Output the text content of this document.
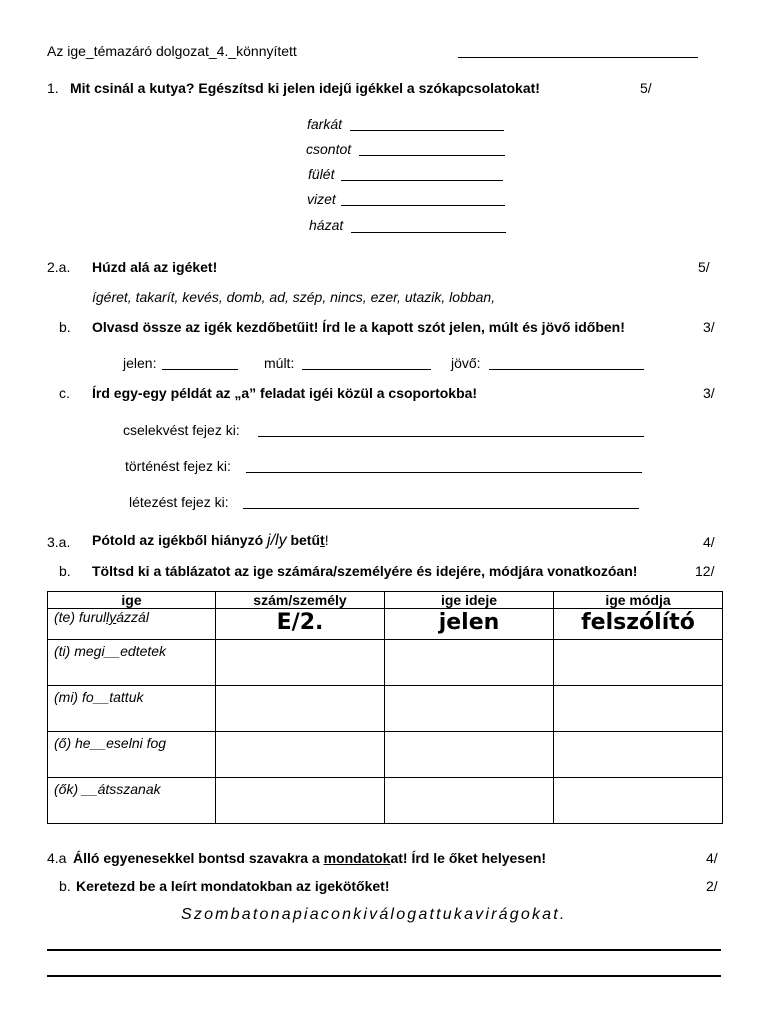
Az ige_témazáró dolgozat_4._könnyített
1. Mit csinál a kutya? Egészítsd ki jelen idejű igékkel a szókapcsolatokat!	5/
farkát
csontot
fülét
vizet
házat
2.a. Húzd alá az igéket!	5/
ígéret, takarít, kevés, domb, ad, szép, nincs, ezer, utazik, lobban,
b. Olvasd össze az igék kezdőbetűit! Írd le a kapott szót jelen, múlt és jövő időben!	3/
jelen:	múlt:	jövő:
c. Írd egy-egy példát az „a” feladat igéi közül a csoportokba!	3/
cselekvést fejez ki:
történést fejez ki:
létezést fejez ki:
3.a. Pótold az igékből hiányzó j/ly betűt!	4/
b. Töltsd ki a táblázatot az ige számára/személyére és idejére, módjára vonatkozóan!	12/
ige	szám/személy	ige ideje	ige módja
(te) furullyázzál	E/2.	jelen	felszólító
(ti) megi__edtetek			
(mi) fo__tattuk			
(ő) he__eselni fog			
(ők) __átsszanak			
4.a Álló egyenesekkel bontsd szavakra a mondatokat! Írd le őket helyesen!	4/
b. Keretezd be a leírt mondatokban az igekötőket!	2/
Szombatonapiaconkiválogattukavirágokat.
